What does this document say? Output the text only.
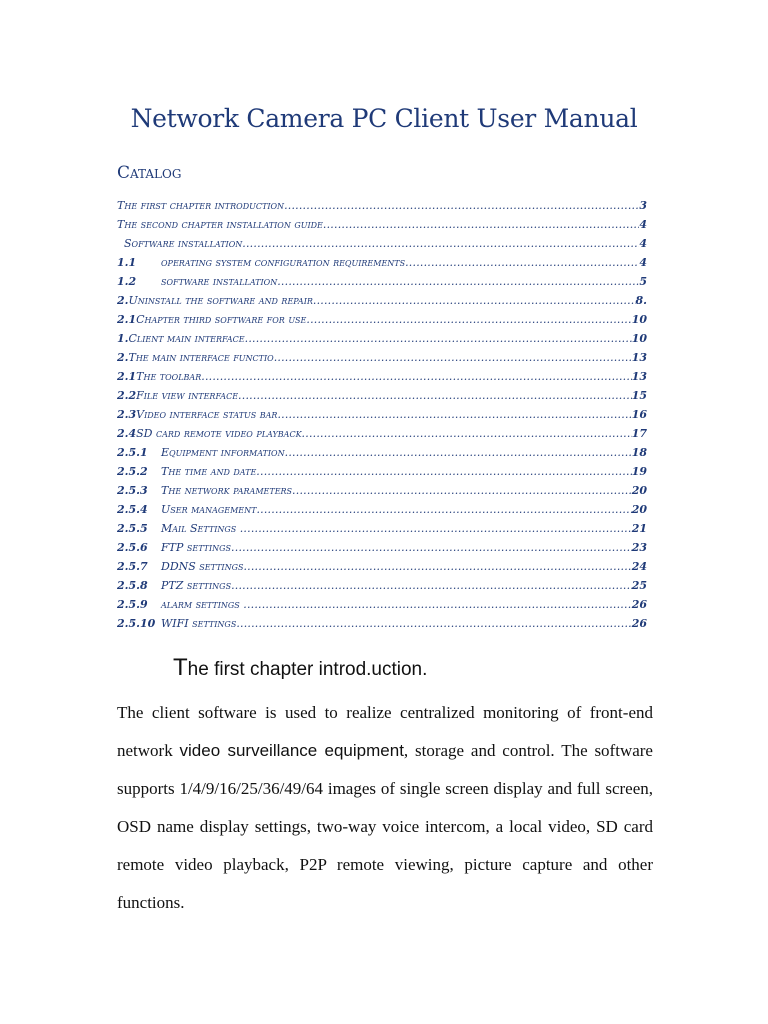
Network Camera PC Client User Manual
Catalog
The first chapter introduction .....	3
The second chapter installation guide .....	4
Software installation .....	4
1.1	operating system configuration requirements .....	4
1.2	software installation .....	5
2. Uninstall the software and repair .....	8.
2.1 Chapter third software for use .....	10
1. Client main interface .....	10
2. The main interface functio .....	13
2.1 The toolbar .....	13
2.2 File view interface .....	15
2.3 Video interface status bar .....	16
2.4 SD card remote video playback .....	17
2.5.1	Equipment information .....	18
2.5.2	The time and date .....	19
2.5.3	The network parameters .....	20
2.5.4	User management .....	20
2.5.5	Mail Settings .....	21
2.5.6	FTP settings .....	23
2.5.7	DDNS settings .....	24
2.5.8	PTZ settings .....	25
2.5.9	alarm settings .....	26
2.5.10 WIFI settings .....	26
The first chapter introd.uction.

The client software is used to realize centralized monitoring of front-end network video surveillance equipment, storage and control. The software supports 1/4/9/16/25/36/49/64 images of single screen display and full screen, OSD name display settings, two-way voice intercom, a local video, SD card remote video playback, P2P remote viewing, picture capture and other functions.
